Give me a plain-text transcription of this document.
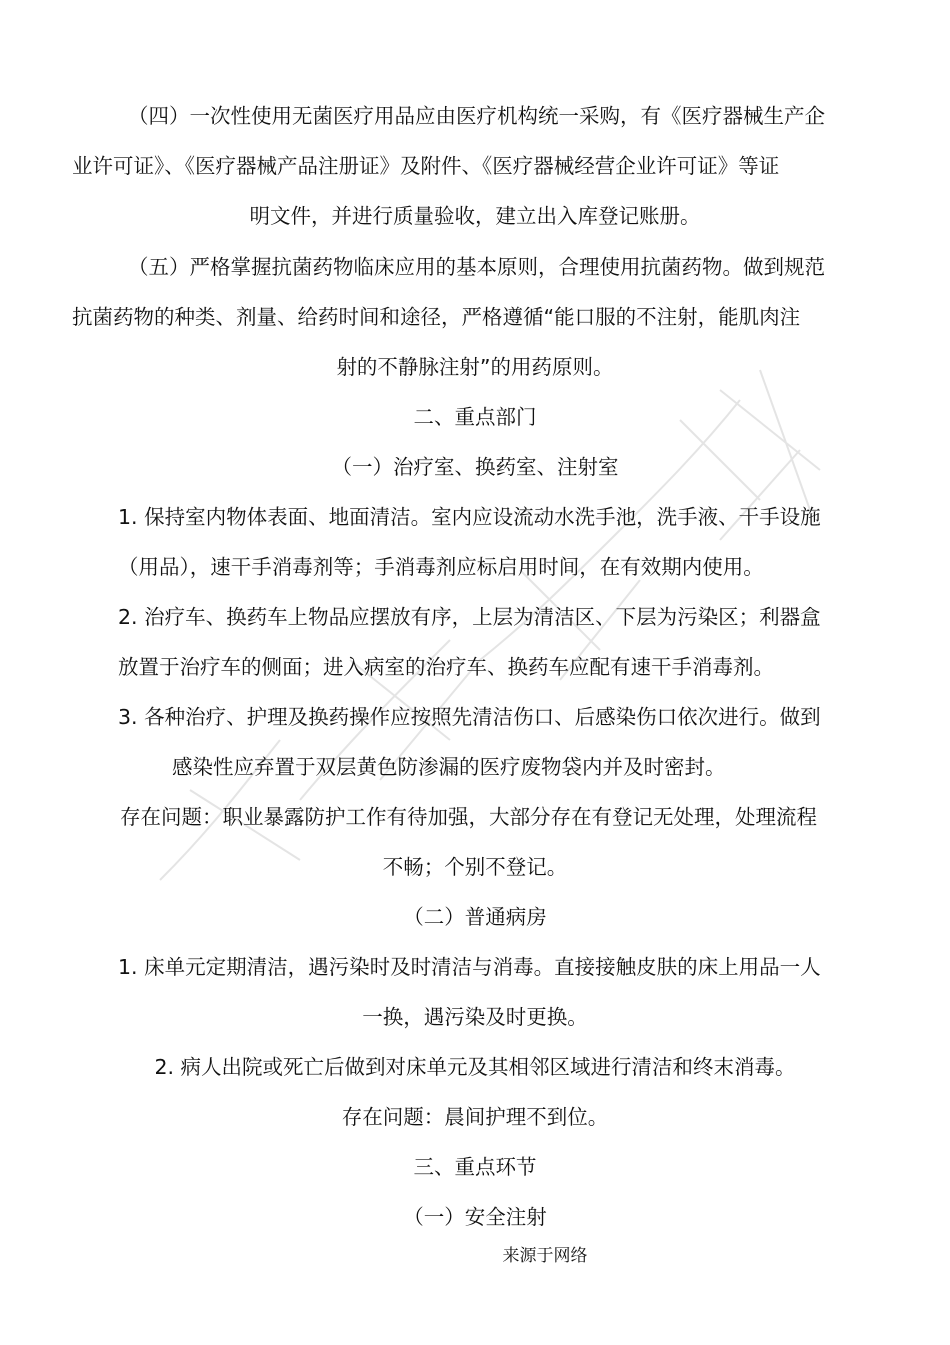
（四）一次性使用无菌医疗用品应由医疗机构统一采购，有《医疗器械生产企
业许可证》、《医疗器械产品注册证》及附件、《医疗器械经营企业许可证》等证
明文件，并进行质量验收，建立出入库登记账册。
（五）严格掌握抗菌药物临床应用的基本原则，合理使用抗菌药物。做到规范
抗菌药物的种类、剂量、给药时间和途径，严格遵循“能口服的不注射，能肌肉注
射的不静脉注射”的用药原则。
二、重点部门
（一）治疗室、换药室、注射室
1. 保持室内物体表面、地面清洁。室内应设流动水洗手池，洗手液、干手设施
（用品），速干手消毒剂等；手消毒剂应标启用时间，在有效期内使用。
2. 治疗车、换药车上物品应摆放有序，上层为清洁区、下层为污染区；利器盒
放置于治疗车的侧面；进入病室的治疗车、换药车应配有速干手消毒剂。
3. 各种治疗、护理及换药操作应按照先清洁伤口、后感染伤口依次进行。做到
感染性应弃置于双层黄色防渗漏的医疗废物袋内并及时密封。
存在问题：职业暴露防护工作有待加强，大部分存在有登记无处理，处理流程
不畅；个别不登记。
（二）普通病房
1. 床单元定期清洁，遇污染时及时清洁与消毒。直接接触皮肤的床上用品一人
一换，遇污染及时更换。
2. 病人出院或死亡后做到对床单元及其相邻区域进行清洁和终末消毒。
存在问题：晨间护理不到位。
三、重点环节
（一）安全注射
来源于网络
